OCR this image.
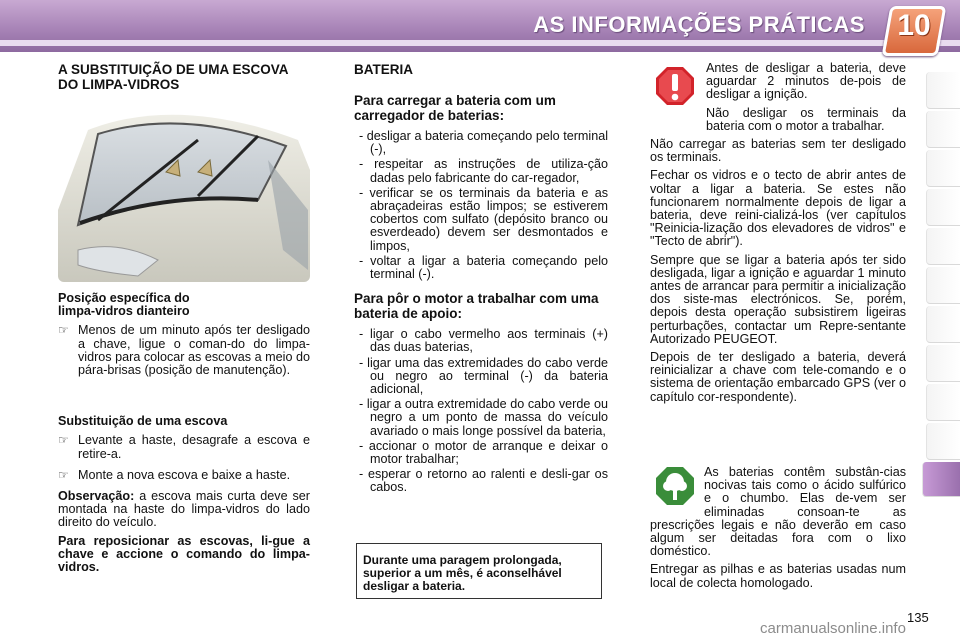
AS INFORMAÇÕES PRÁTICAS 10
A SUBSTITUIÇÃO DE UMA ESCOVA DO LIMPA-VIDROS

Posição específica do

limpa-vidros dianteiro

☞ Menos de um minuto após ter desligado a chave, ligue o coman-do do limpa-vidros para colocar as escovas a meio do pára-brisas (posição de manutenção).

Substituição de uma escova

☞ Levante a haste, desagrafe a escova e retire-a.
☞ Monte a nova escova e baixe a haste.

Observação: a escova mais curta deve ser montada na haste do limpa-vidros do lado direito do veículo.

Para reposicionar as escovas, li-gue a chave e accione o comando do limpa-vidros.

BATERIA
Para carregar a bateria com um carregador de baterias:

- desligar a bateria começando pelo terminal (-),

- respeitar as instruções de utiliza-ção dadas pelo fabricante do car-regador,

- verificar se os terminais da bateria e as abraçadeiras estão limpos; se estiverem cobertos com sulfato (depósito branco ou esverdeado) devem ser desmontados e limpos,

- voltar a ligar a bateria começando pelo terminal (-).

Para pôr o motor a trabalhar com uma bateria de apoio:

- ligar o cabo vermelho aos terminais (+) das duas baterias,

- ligar uma das extremidades do cabo verde ou negro ao terminal (-) da bateria adicional,

- ligar a outra extremidade do cabo verde ou negro a um ponto de massa do veículo avariado o mais longe possível da bateria,

- accionar o motor de arranque e deixar o motor trabalhar;

- esperar o retorno ao ralenti e desli-gar os cabos.

Durante uma paragem prolongada, superior a um mês, é aconselhável desligar a bateria.

Antes de desligar a bateria, deve aguardar 2 minutos de-pois de desligar a ignição.

Não desligar os terminais da bateria com o motor a trabalhar.

Não carregar as baterias sem ter desligado os terminais.

Fechar os vidros e o tecto de abrir antes de voltar a ligar a bateria. Se estes não funcionarem normalmente depois de ligar a bateria, deve reini-cializá-los (ver capítulos "Reinicia-lização dos elevadores de vidros" e "Tecto de abrir").

Sempre que se ligar a bateria após ter sido desligada, ligar a ignição e aguardar 1 minuto antes de arrancar para permitir a inicialização dos siste-mas electrónicos. Se, porém, depois desta operação subsistirem ligeiras perturbações, contactar um Repre-sentante Autorizado PEUGEOT.

Depois de ter desligado a bateria, deverá reinicializar a chave com tele-comando e o sistema de orientação embarcado GPS (ver o capítulo cor-respondente).

As baterias contêm substân-cias nocivas tais como o ácido sulfúrico e o chumbo. Elas de-vem ser eliminadas consoan-te as prescrições legais e não deverão em caso algum ser deitadas fora com o lixo doméstico.

Entregar as pilhas e as baterias usadas num local de colecta homologado.

135
carmanualsonline.info
